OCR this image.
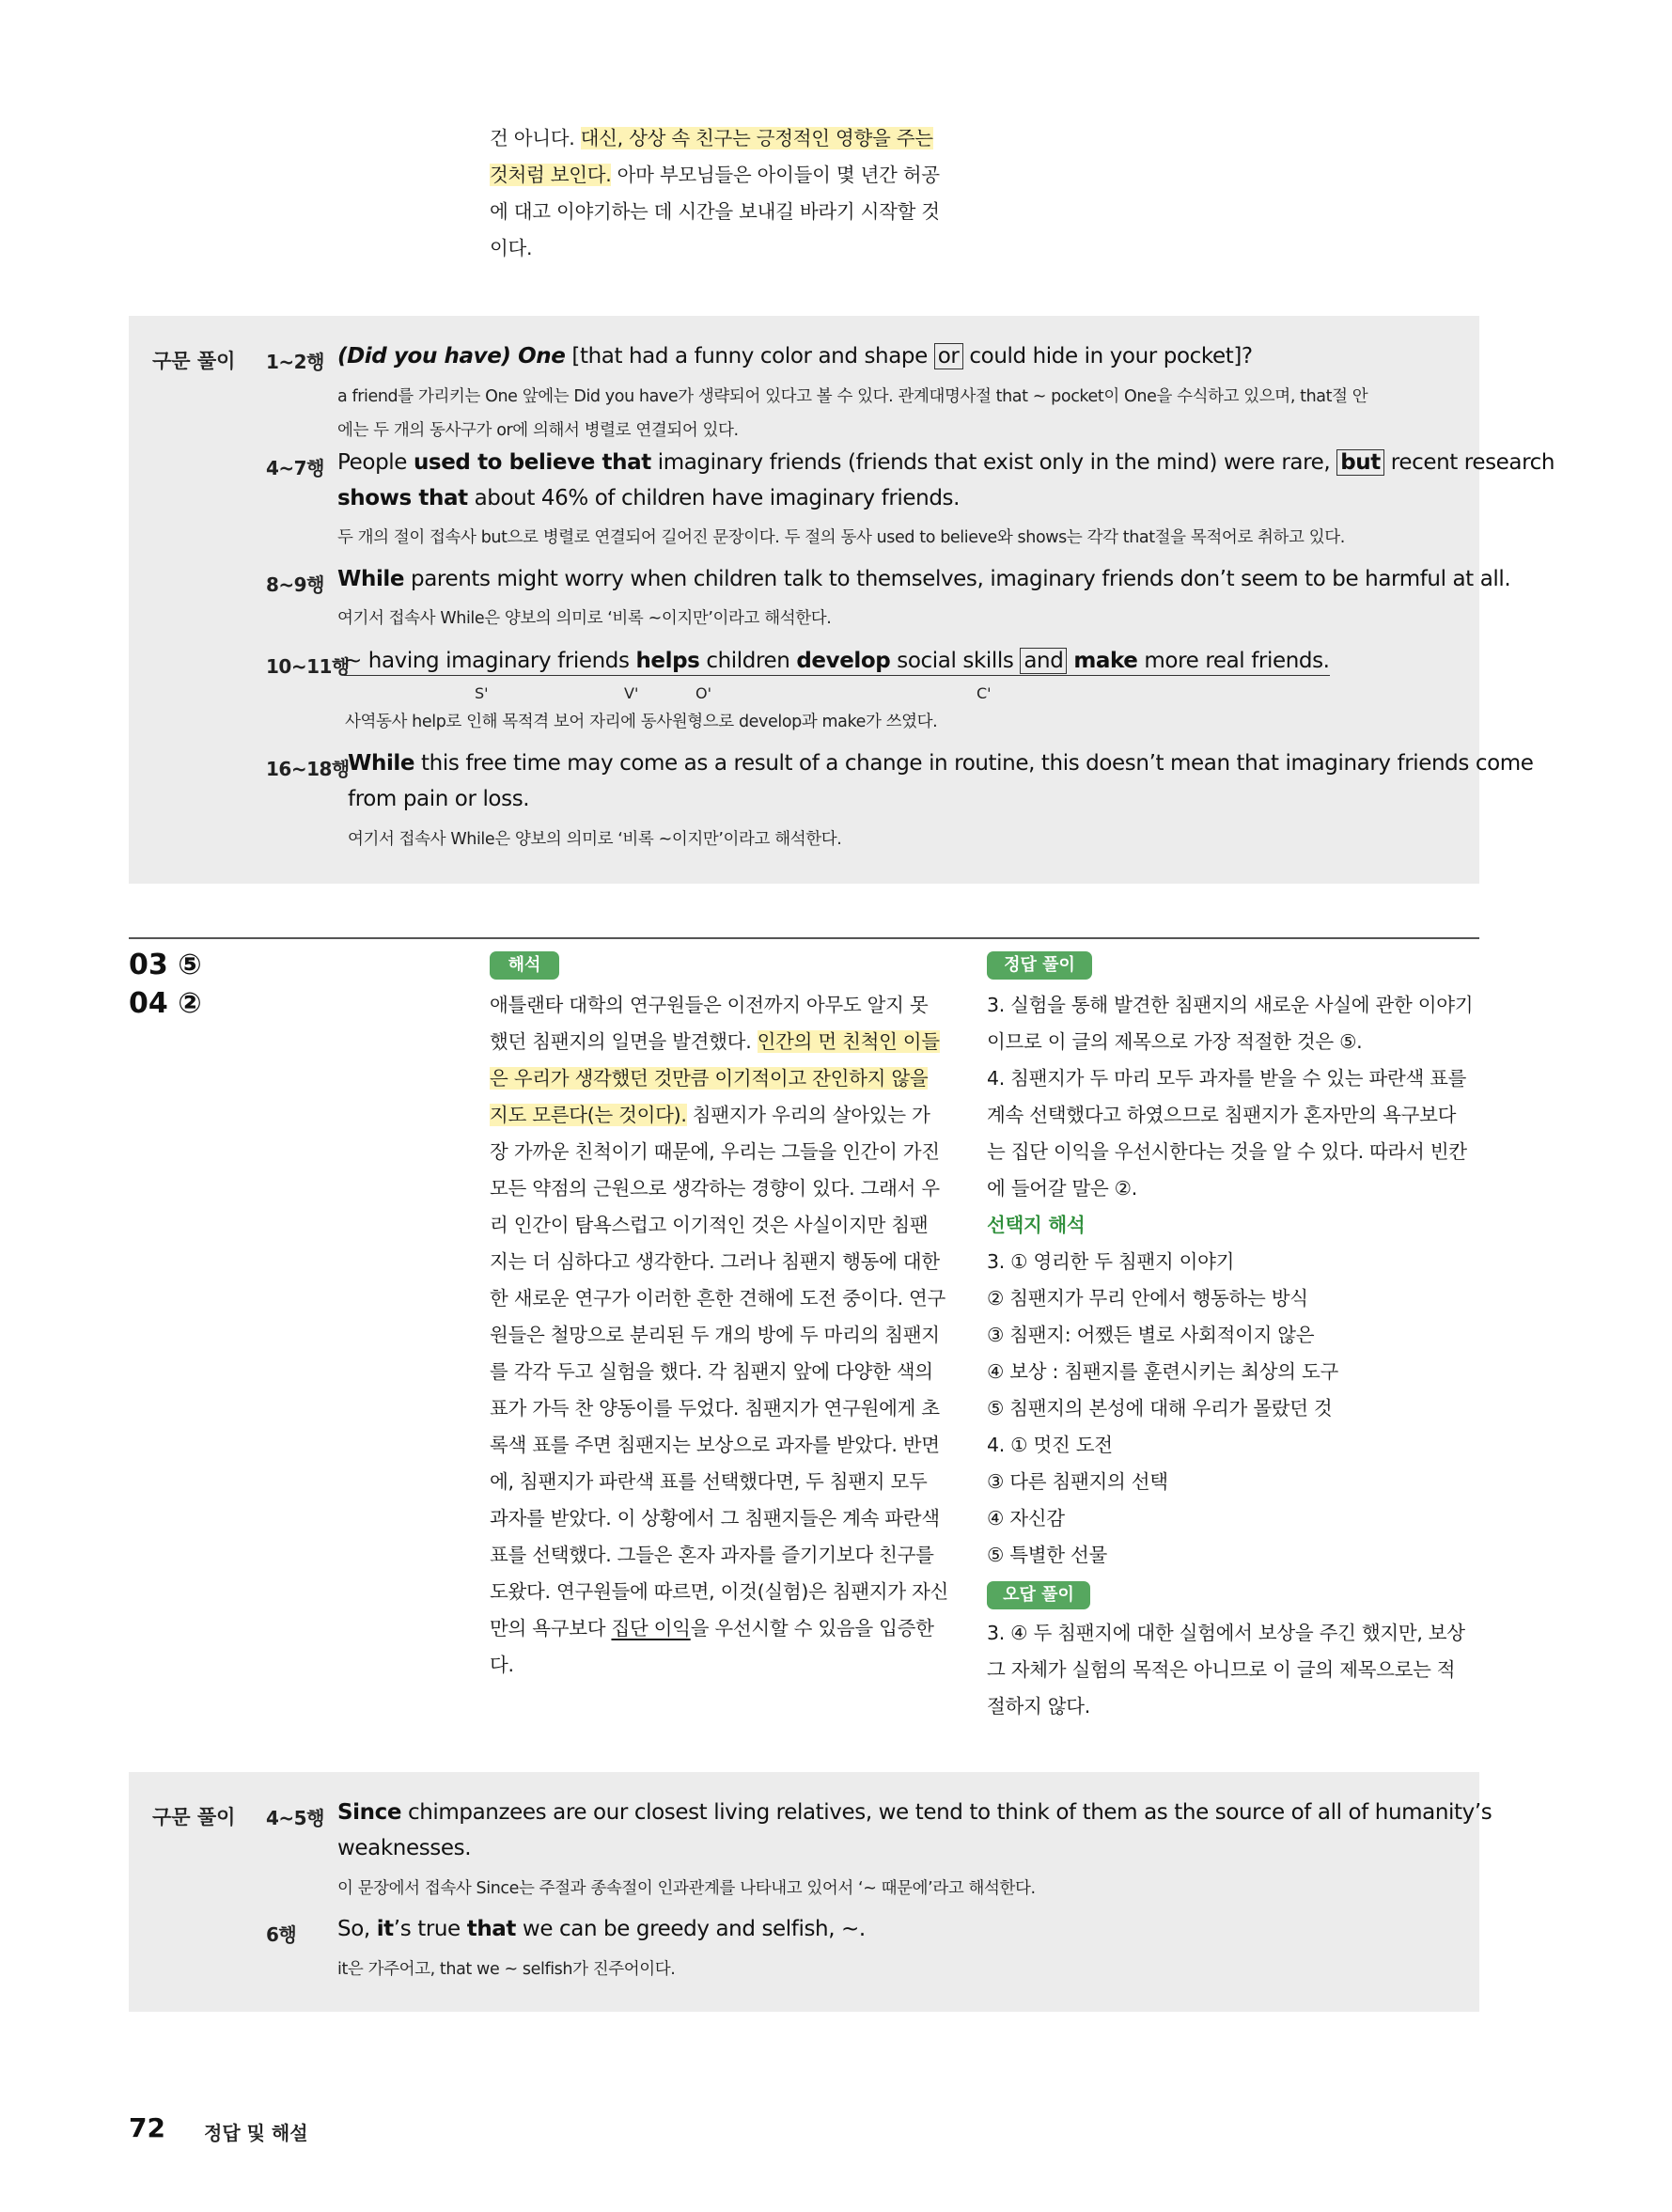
건 아니다. 대신, 상상 속 친구는 긍정적인 영향을 주는
것처럼 보인다. 아마 부모님들은 아이들이 몇 년간 허공
에 대고 이야기하는 데 시간을 보내길 바라기 시작할 것
이다.
구문 풀이 1~2행 (Did you have) One [that had a funny color and shape or could hide in your pocket]?
a friend를 가리키는 One 앞에는 Did you have가 생략되어 있다고 볼 수 있다. 관계대명사절 that ~ pocket이 One을 수식하고 있으며, that절 안
에는 두 개의 동사구가 or에 의해서 병렬로 연결되어 있다.
4~7행 People used to believe that imaginary friends (friends that exist only in the mind) were rare, but recent research
shows that about 46% of children have imaginary friends.
두 개의 절이 접속사 but으로 병렬로 연결되어 길어진 문장이다. 두 절의 동사 used to believe와 shows는 각각 that절을 목적어로 취하고 있다.
8~9행 While parents might worry when children talk to themselves, imaginary friends don’t seem to be harmful at all.
여기서 접속사 While은 양보의 의미로 ‘비록 ~이지만’이라고 해석한다.
10~11행
~ having imaginary friends helps children develop social skills and make more real friends.
S'	V'	O'	C'
사역동사 help로 인해 목적격 보어 자리에 동사원형으로 develop과 make가 쓰였다.
16~18행
While this free time may come as a result of a change in routine, this doesn’t mean that imaginary friends come
from pain or loss.
여기서 접속사 While은 양보의 의미로 ‘비록 ~이지만’이라고 해석한다.
03 ⑤
04 ②
해석
애틀랜타 대학의 연구원들은 이전까지 아무도 알지 못
했던 침팬지의 일면을 발견했다. 인간의 먼 친척인 이들
은 우리가 생각했던 것만큼 이기적이고 잔인하지 않을
지도 모른다(는 것이다). 침팬지가 우리의 살아있는 가
장 가까운 친척이기 때문에, 우리는 그들을 인간이 가진
모든 약점의 근원으로 생각하는 경향이 있다. 그래서 우
리 인간이 탐욕스럽고 이기적인 것은 사실이지만 침팬
지는 더 심하다고 생각한다. 그러나 침팬지 행동에 대한
한 새로운 연구가 이러한 흔한 견해에 도전 중이다. 연구
원들은 철망으로 분리된 두 개의 방에 두 마리의 침팬지
를 각각 두고 실험을 했다. 각 침팬지 앞에 다양한 색의
표가 가득 찬 양동이를 두었다. 침팬지가 연구원에게 초
록색 표를 주면 침팬지는 보상으로 과자를 받았다. 반면
에, 침팬지가 파란색 표를 선택했다면, 두 침팬지 모두
과자를 받았다. 이 상황에서 그 침팬지들은 계속 파란색
표를 선택했다. 그들은 혼자 과자를 즐기기보다 친구를
도왔다. 연구원들에 따르면, 이것(실험)은 침팬지가 자신
만의 욕구보다 집단 이익을 우선시할 수 있음을 입증한
다.
정답 풀이
3. 실험을 통해 발견한 침팬지의 새로운 사실에 관한 이야기
이므로 이 글의 제목으로 가장 적절한 것은 ⑤.
4. 침팬지가 두 마리 모두 과자를 받을 수 있는 파란색 표를
계속 선택했다고 하였으므로 침팬지가 혼자만의 욕구보다
는 집단 이익을 우선시한다는 것을 알 수 있다. 따라서 빈칸
에 들어갈 말은 ②.
선택지 해석
3. ① 영리한 두 침팬지 이야기
② 침팬지가 무리 안에서 행동하는 방식
③ 침팬지: 어쨌든 별로 사회적이지 않은
④ 보상 : 침팬지를 훈련시키는 최상의 도구
⑤ 침팬지의 본성에 대해 우리가 몰랐던 것
4. ① 멋진 도전
③ 다른 침팬지의 선택
④ 자신감
⑤ 특별한 선물
오답 풀이
3. ④ 두 침팬지에 대한 실험에서 보상을 주긴 했지만, 보상
그 자체가 실험의 목적은 아니므로 이 글의 제목으로는 적
절하지 않다.
구문 풀이 4~5행 Since chimpanzees are our closest living relatives, we tend to think of them as the source of all of humanity’s
weaknesses.
이 문장에서 접속사 Since는 주절과 종속절이 인과관계를 나타내고 있어서 ‘~ 때문에’라고 해석한다.
6행 So, it’s true that we can be greedy and selfish, ~.
it은 가주어고, that we ~ selfish가 진주어이다.
72 정답 및 해설
